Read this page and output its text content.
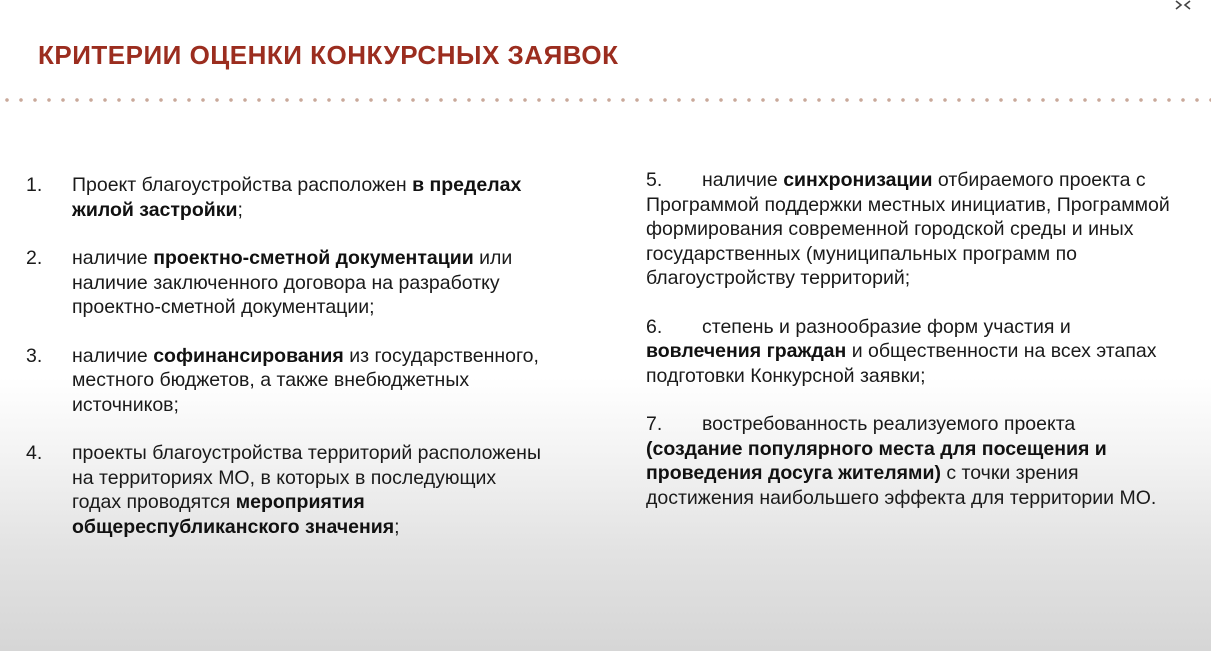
КРИТЕРИИ ОЦЕНКИ КОНКУРСНЫХ ЗАЯВОК
1.	Проект благоустройства расположен в пределах жилой застройки;
2.	наличие проектно-сметной документации или наличие заключенного договора на разработку проектно-сметной документации;
3.	наличие софинансирования из государственного, местного бюджетов, а также внебюджетных источников;
4.	проекты благоустройства территорий расположены на территориях МО, в которых в последующих годах проводятся мероприятия общереспубликанского значения;
5. наличие синхронизации отбираемого проекта с Программой поддержки местных инициатив, Программой формирования современной городской среды и иных государственных (муниципальных программ по благоустройству территорий;
6. степень и разнообразие форм участия и вовлечения граждан и общественности на всех этапах подготовки Конкурсной заявки;
7. востребованность реализуемого проекта (создание популярного места для посещения и проведения досуга жителями) с точки зрения достижения наибольшего эффекта для территории МО.
